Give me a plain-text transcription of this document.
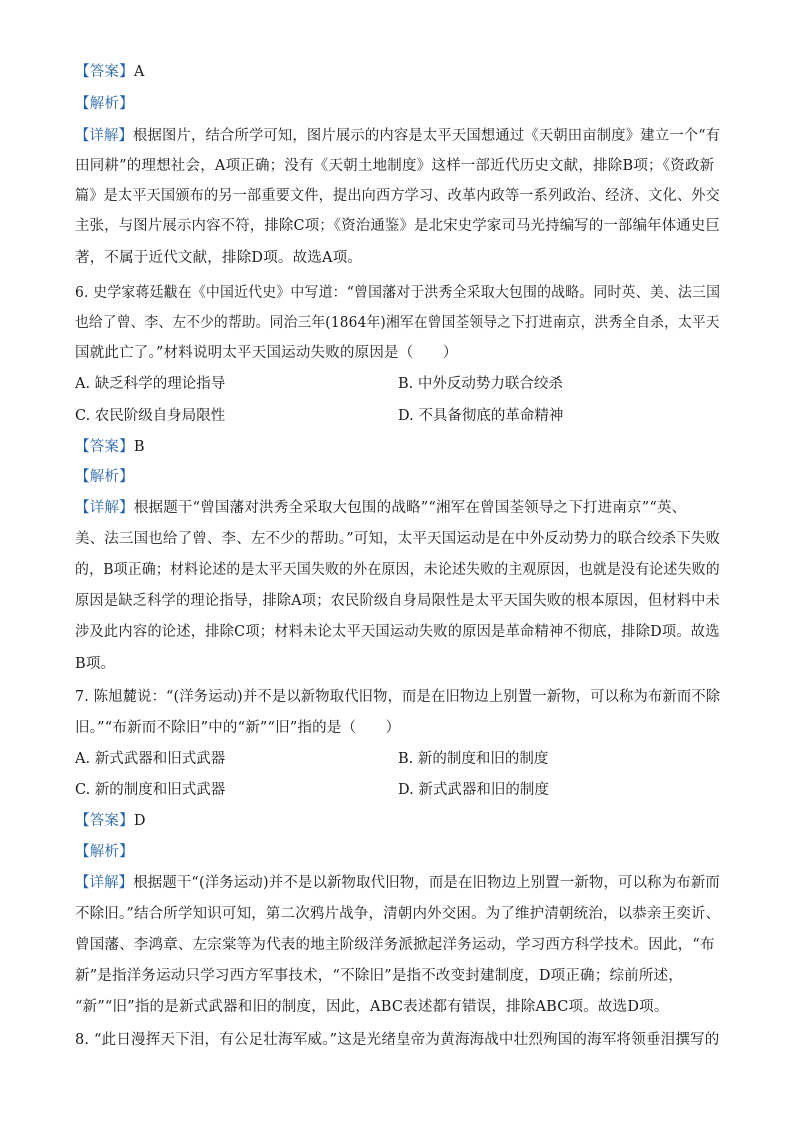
【答案】A
【解析】
【详解】根据图片，结合所学可知，图片展示的内容是太平天国想通过《天朝田亩制度》建立一个“有
田同耕”的理想社会，A项正确；没有《天朝土地制度》这样一部近代历史文献，排除B项；《资政新
篇》是太平天国颁布的另一部重要文件，提出向西方学习、改革内政等一系列政治、经济、文化、外交
主张，与图片展示内容不符，排除C项；《资治通鉴》是北宋史学家司马光持编写的一部编年体通史巨
著，不属于近代文献，排除D项。故选A项。
6. 史学家蒋廷黻在《中国近代史》中写道：“曾国藩对于洪秀全采取大包围的战略。同时英、美、法三国
也给了曾、李、左不少的帮助。同治三年(1864年)湘军在曾国荃领导之下打进南京，洪秀全自杀，太平天
国就此亡了。”材料说明太平天国运动失败的原因是（　　）
A. 缺乏科学的理论指导	B. 中外反动势力联合绞杀
C. 农民阶级自身局限性	D. 不具备彻底的革命精神
【答案】B
【解析】
【详解】根据题干“曾国藩对洪秀全采取大包围的战略”“湘军在曾国荃领导之下打进南京”“英、
美、法三国也给了曾、李、左不少的帮助。”可知，太平天国运动是在中外反动势力的联合绞杀下失败
的，B项正确；材料论述的是太平天国失败的外在原因，未论述失败的主观原因，也就是没有论述失败的
原因是缺乏科学的理论指导，排除A项；农民阶级自身局限性是太平天国失败的根本原因，但材料中未
涉及此内容的论述，排除C项；材料未论太平天国运动失败的原因是革命精神不彻底，排除D项。故选
B项。
7. 陈旭麓说：“(洋务运动)并不是以新物取代旧物，而是在旧物边上别置一新物，可以称为布新而不除
旧。”“布新而不除旧”中的“新”“旧”指的是（　　）
A. 新式武器和旧式武器	B. 新的制度和旧的制度
C. 新的制度和旧式武器	D. 新式武器和旧的制度
【答案】D
【解析】
【详解】根据题干“(洋务运动)并不是以新物取代旧物，而是在旧物边上别置一新物，可以称为布新而
不除旧。”结合所学知识可知，第二次鸦片战争，清朝内外交困。为了维护清朝统治，以恭亲王奕䜣、
曾国藩、李鸿章、左宗棠等为代表的地主阶级洋务派掀起洋务运动，学习西方科学技术。因此，“布
新”是指洋务运动只学习西方军事技术，“不除旧”是指不改变封建制度，D项正确；综前所述，
“新”“旧”指的是新式武器和旧的制度，因此，ABC表述都有错误，排除ABC项。故选D项。
8. “此日漫挥天下泪，有公足壮海军威。”这是光绪皇帝为黄海海战中壮烈殉国的海军将领垂泪撰写的
